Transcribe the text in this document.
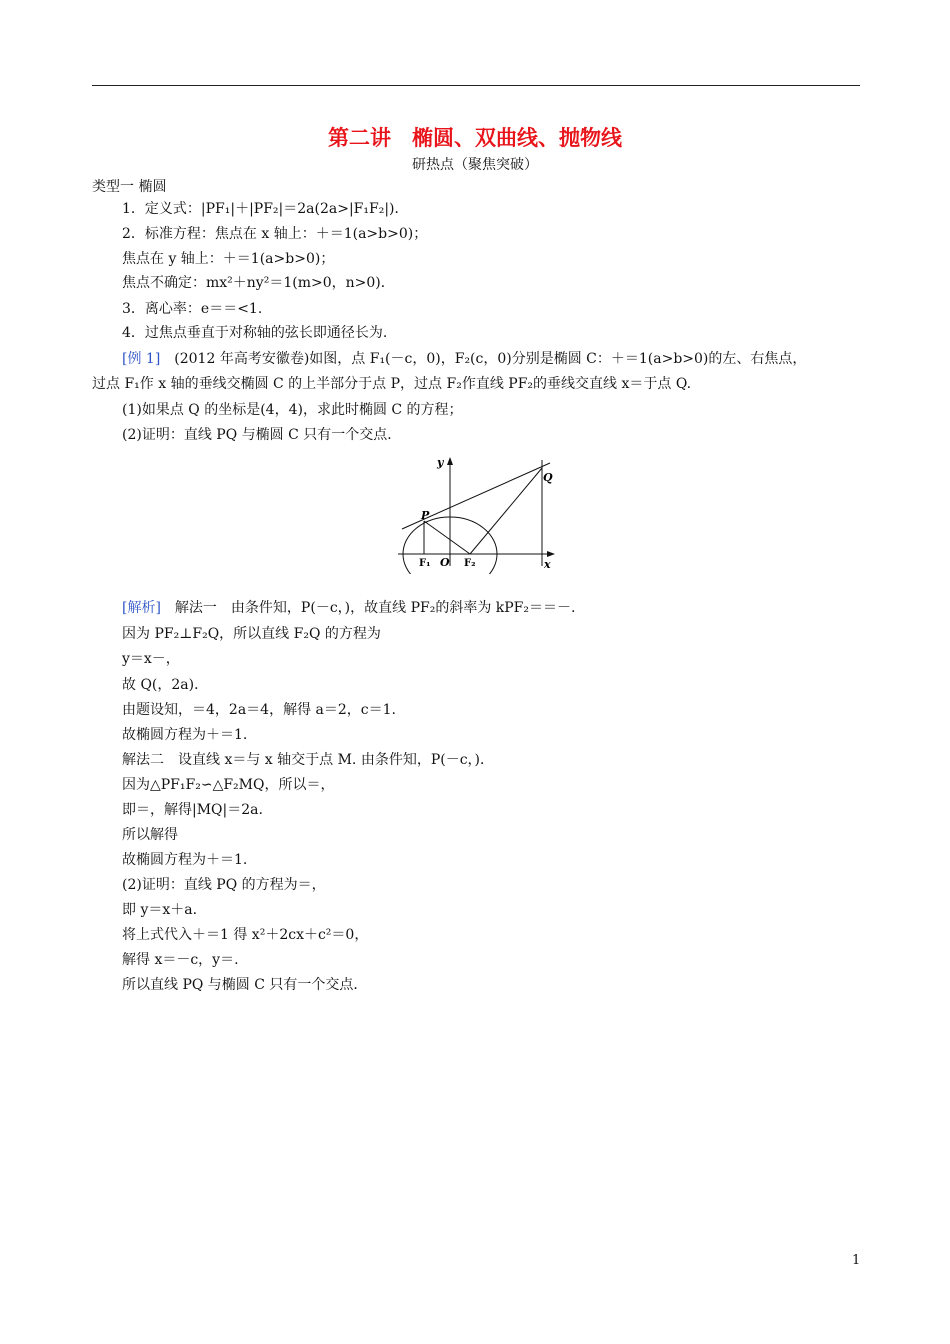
第二讲　椭圆、双曲线、抛物线
研热点（聚焦突破）
类型一 椭圆
1．定义式：|PF₁|＋|PF₂|＝2a(2a>|F₁F₂|)．
2．标准方程：焦点在 x 轴上：＋＝1(a>b>0)；
焦点在 y 轴上：＋＝1(a>b>0)；
焦点不确定：mx²＋ny²＝1(m>0，n>0)．
3．离心率：e＝＝<1.
4．过焦点垂直于对称轴的弦长即通径长为.
[例 1]　(2012 年高考安徽卷)如图，点 F₁(－c，0)，F₂(c，0)分别是椭圆 C：＋＝1(a>b>0)的左、右焦点，
过点 F₁作 x 轴的垂线交椭圆 C 的上半部分于点 P，过点 F₂作直线 PF₂的垂线交直线 x＝于点 Q.
(1)如果点 Q 的坐标是(4，4)，求此时椭圆 C 的方程；
(2)证明：直线 PQ 与椭圆 C 只有一个交点．
y
x
Q
P
F₁ O F₂
[解析]　解法一　由条件知，P(－c，)，故直线 PF₂的斜率为 kPF₂＝＝－.
因为 PF₂⊥F₂Q，所以直线 F₂Q 的方程为
y＝x－，
故 Q(，2a)．
由题设知，＝4，2a＝4，解得 a＝2，c＝1.
故椭圆方程为＋＝1.
解法二　设直线 x＝与 x 轴交于点 M. 由条件知，P(－c，)．
因为△PF₁F₂∽△F₂MQ，所以＝，
即＝，解得|MQ|＝2a.
所以解得
故椭圆方程为＋＝1.
(2)证明：直线 PQ 的方程为＝，
即 y＝x＋a.
将上式代入＋＝1 得 x²＋2cx＋c²＝0，
解得 x＝－c，y＝.
所以直线 PQ 与椭圆 C 只有一个交点．
1
